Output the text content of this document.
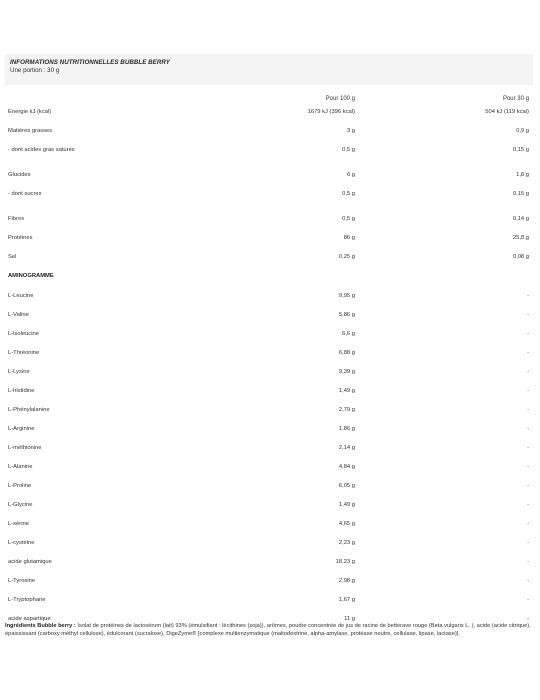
INFORMATIONS NUTRITIONNELLES BUBBLE BERRY
Une portion : 30 g
Pour 100 g	Pour 30 g
Energie kJ (kcal)	1679 kJ (396 kcal)	504 kJ (119 kcal)
Matières grasses	3 g	0,9 g
- dont acides gras saturés	0,5 g	0,15 g
Glucides	6 g	1,8 g
- dont sucres	0,5 g	0,15 g
Fibres	0,5 g	0,14 g
Protéines	86 g	25,8 g
Sel	0,25 g	0,08 g
AMINOGRAMME
L-Leucine	9,95 g	-
L-Valine	5,86 g	-
L-isoleucine	6,6 g	-
L-Thréonine	6,88 g	-
L-Lysine	9,39 g	-
L-histidine	1,49 g	-
L-Phénylalanine	2,79 g	-
L-Arginine	1,86 g	-
L-méthionine	2,14 g	-
L-Alanine	4,84 g	-
L-Proline	6,05 g	-
L-Glycine	1,49 g	-
L-sérine	4,65 g	-
L-cystéine	2,23 g	-
acide glutamique	18,23 g	-
L-Tyrosine	2,98 g	-
L-Tryptophane	1,67 g	-
acide aspartique	11 g	-
Ingrédients Bubble berry : Isolat de protéines de lactosérum (lait) 93% (émulsifiant : lécithines (soja)), arômes, poudre concentrée de jus de racine de betterave rouge (Beta vulgaris L. ), acide (acide citrique), épaississant (carboxy méthyl cellulose), édulcorant (sucralose), DigeZyme® [complexe multienzymatique (maltodextrine, alpha-amylase, protéase neutre, cellulase, lipase, lactase)].
